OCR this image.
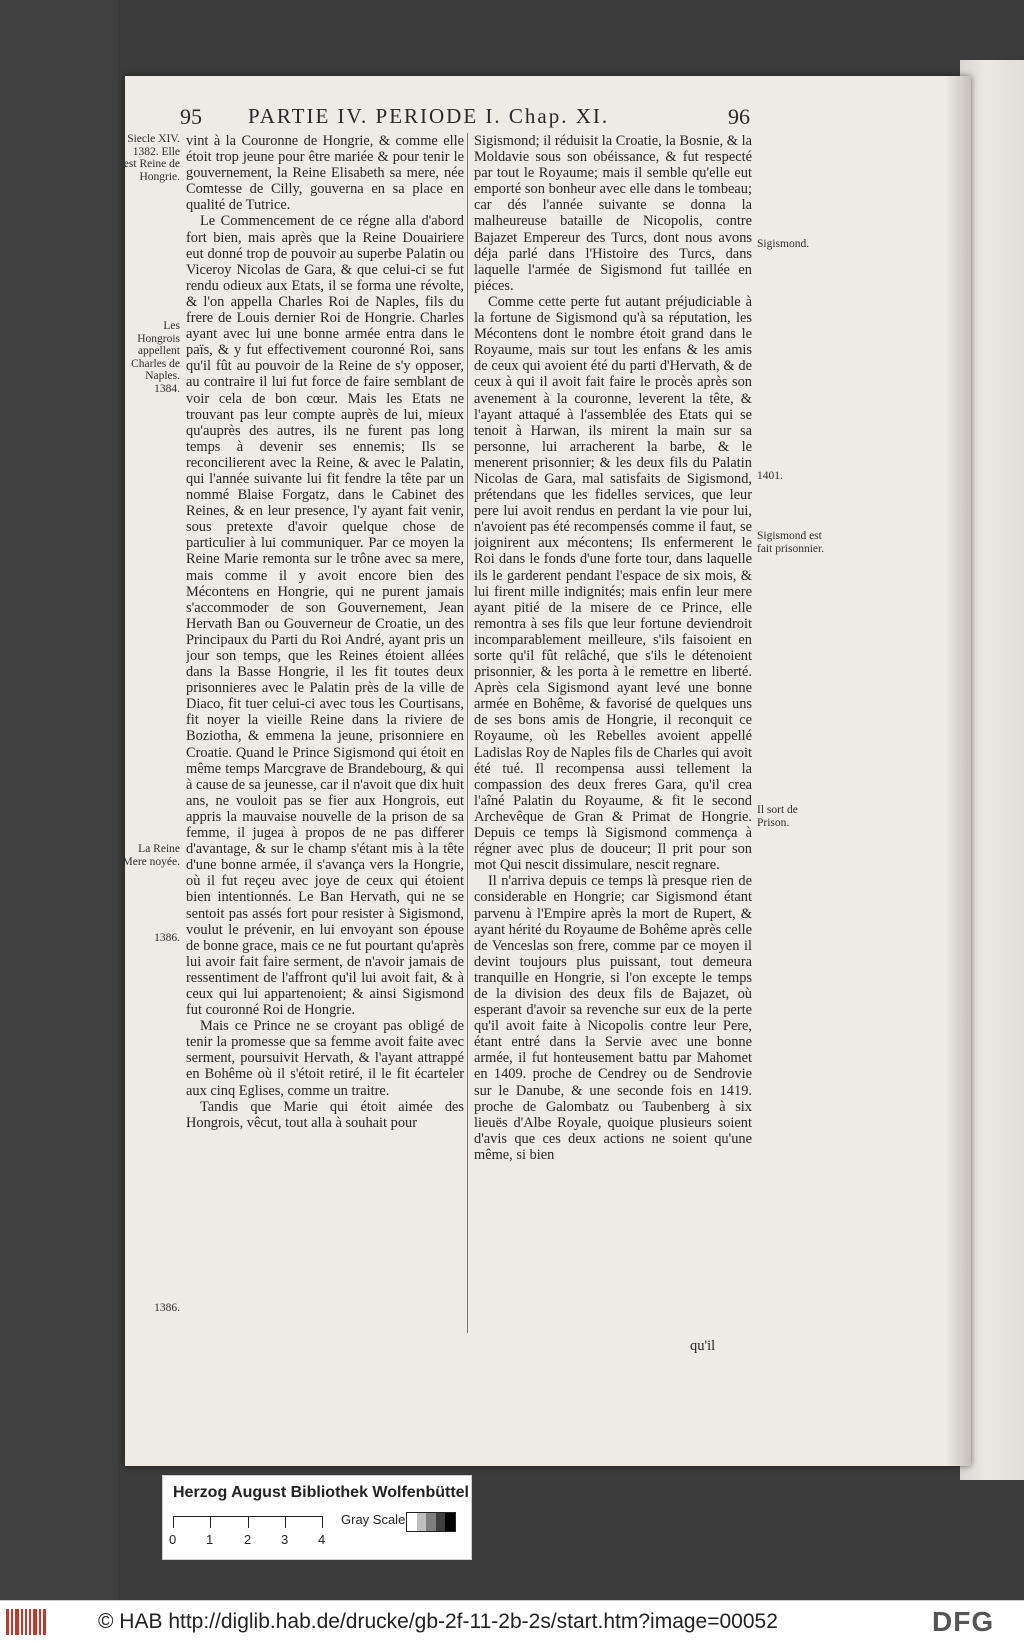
95 PARTIE IV. PERIODE I. Chap. XI.	96

vint à la Couronne de Hongrie, & comme elle étoit trop jeune pour être mariée & pour tenir le gouvernement, la Reine Elisabeth sa mere, née Comtesse de Cilly, gouverna en sa place en qualité de Tutrice.

Le Commencement de ce régne alla d'abord fort bien, mais après que la Reine Douairiere eut donné trop de pouvoir au superbe Palatin ou Viceroy Nicolas de Gara, & que celui-ci se fut rendu odieux aux Etats, il se forma une révolte, & l'on appella Charles Roi de Naples, fils du frere de Louis dernier Roi de Hongrie. Charles ayant avec lui une bonne armée entra dans le païs, & y fut effectivement couronné Roi, sans qu'il fût au pouvoir de la Reine de s'y opposer, au contraire il lui fut force de faire semblant de voir cela de bon cœur. Mais les Etats ne trouvant pas leur compte auprès de lui, mieux qu'auprès des autres, ils ne furent pas long temps à devenir ses ennemis; Ils se reconcilierent avec la Reine, & avec le Palatin, qui l'année suivante lui fit fendre la tête par un nommé Blaise Forgatz, dans le Cabinet des Reines, & en leur presence, l'y ayant fait venir, sous pretexte d'avoir quelque chose de particulier à lui communiquer. Par ce moyen la Reine Marie remonta sur le trône avec sa mere, mais comme il y avoit encore bien des Mécontens en Hongrie, qui ne purent jamais s'accommoder de son Gouvernement, Jean Hervath Ban ou Gouverneur de Croatie, un des Principaux du Parti du Roi André, ayant pris un jour son temps, que les Reines étoient allées dans la Basse Hongrie, il les fit toutes deux prisonnieres avec le Palatin près de la ville de Diaco, fit tuer celui-ci avec tous les Courtisans, fit noyer la vieille Reine dans la riviere de Boziotha, & emmena la jeune, prisonniere en Croatie. Quand le Prince Sigismond qui étoit en même temps Marcgrave de Brandebourg, & qui à cause de sa jeunesse, car il n'avoit que dix huit ans, ne vouloit pas se fier aux Hongrois, eut appris la mauvaise nouvelle de la prison de sa femme, il jugea à propos de ne pas differer d'avantage, & sur le champ s'étant mis à la tête d'une bonne armée, il s'avança vers la Hongrie, où il fut reçeu avec joye de ceux qui étoient bien intentionnés. Le Ban Hervath, qui ne se sentoit pas assés fort pour resister à Sigismond, voulut le prévenir, en lui envoyant son épouse de bonne grace, mais ce ne fut pourtant qu'après lui avoir fait faire serment, de n'avoir jamais de ressentiment de l'affront qu'il lui avoit fait, & à ceux qui lui appartenoient; & ainsi Sigismond fut couronné Roi de Hongrie.

Mais ce Prince ne se croyant pas obligé de tenir la promesse que sa femme avoit faite avec serment, poursuivit Hervath, & l'ayant attrappé en Bohême où il s'étoit retiré, il le fit écarteler aux cinq Eglises, comme un traitre.

Tandis que Marie qui étoit aimée des Hongrois, vêcut, tout alla à souhait pour

Sigismond; il réduisit la Croatie, la Bosnie, & la Moldavie sous son obéissance, & fut respecté par tout le Royaume; mais il semble qu'elle eut emporté son bonheur avec elle dans le tombeau; car dés l'année suivante se donna la malheureuse bataille de Nicopolis, contre Bajazet Empereur des Turcs, dont nous avons déja parlé dans l'Histoire des Turcs, dans laquelle l'armée de Sigismond fut taillée en piéces.

Comme cette perte fut autant préjudiciable à la fortune de Sigismond qu'à sa réputation, les Mécontens dont le nombre étoit grand dans le Royaume, mais sur tout les enfans & les amis de ceux qui avoient été du parti d'Hervath, & de ceux à qui il avoit fait faire le procès après son avenement à la couronne, leverent la tête, & l'ayant attaqué à l'assemblée des Etats qui se tenoit à Harwan, ils mirent la main sur sa personne, lui arracherent la barbe, & le menerent prisonnier; & les deux fils du Palatin Nicolas de Gara, mal satisfaits de Sigismond, prétendans que les fidelles services, que leur pere lui avoit rendus en perdant la vie pour lui, n'avoient pas été recompensés comme il faut, se joignirent aux mécontens; Ils enfermerent le Roi dans le fonds d'une forte tour, dans laquelle ils le garderent pendant l'espace de six mois, & lui firent mille indignités; mais enfin leur mere ayant pitié de la misere de ce Prince, elle remontra à ses fils que leur fortune deviendroit incomparablement meilleure, s'ils faisoient en sorte qu'il fût relâché, que s'ils le détenoient prisonnier, & les porta à le remettre en liberté. Après cela Sigismond ayant levé une bonne armée en Bohême, & favorisé de quelques uns de ses bons amis de Hongrie, il reconquit ce Royaume, où les Rebelles avoient appellé Ladislas Roy de Naples fils de Charles qui avoit été tué. Il recompensa aussi tellement la compassion des deux freres Gara, qu'il crea l'aîné Palatin du Royaume, & fit le second Archevêque de Gran & Primat de Hongrie. Depuis ce temps là Sigismond commença à régner avec plus de douceur; Il prit pour son mot Qui nescit dissimulare, nescit regnare.

Il n'arriva depuis ce temps là presque rien de considerable en Hongrie; car Sigismond étant parvenu à l'Empire après la mort de Rupert, & ayant hérité du Royaume de Bohême après celle de Venceslas son frere, comme par ce moyen il devint toujours plus puissant, tout demeura tranquille en Hongrie, si l'on excepte le temps de la division des deux fils de Bajazet, où esperant d'avoir sa revenche sur eux de la perte qu'il avoit faite à Nicopolis contre leur Pere, étant entré dans la Servie avec une bonne armée, il fut honteusement battu par Mahomet en 1409. proche de Cendrey ou de Sendrovie sur le Danube, & une seconde fois en 1419. proche de Galombatz ou Taubenberg à six lieuës d'Albe Royale, quoique plusieurs soient d'avis que ces deux actions ne soient qu'une même, si bien

qu'il
Siecle XIV. 1382. Elle est Reine de Hongrie.
Les Hongrois appellent Charles de Naples. 1384.
La Reine Mere noyée.
1386.
1386.
Sigismond.
1401.
Sigismond est fait prisonnier.
Il sort de Prison.
Herzog August Bibliothek Wolfenbüttel
0 1 2 3 4
Gray Scale
© HAB http://diglib.hab.de/drucke/gb-2f-11-2b-2s/start.htm?image=00052	DFG
